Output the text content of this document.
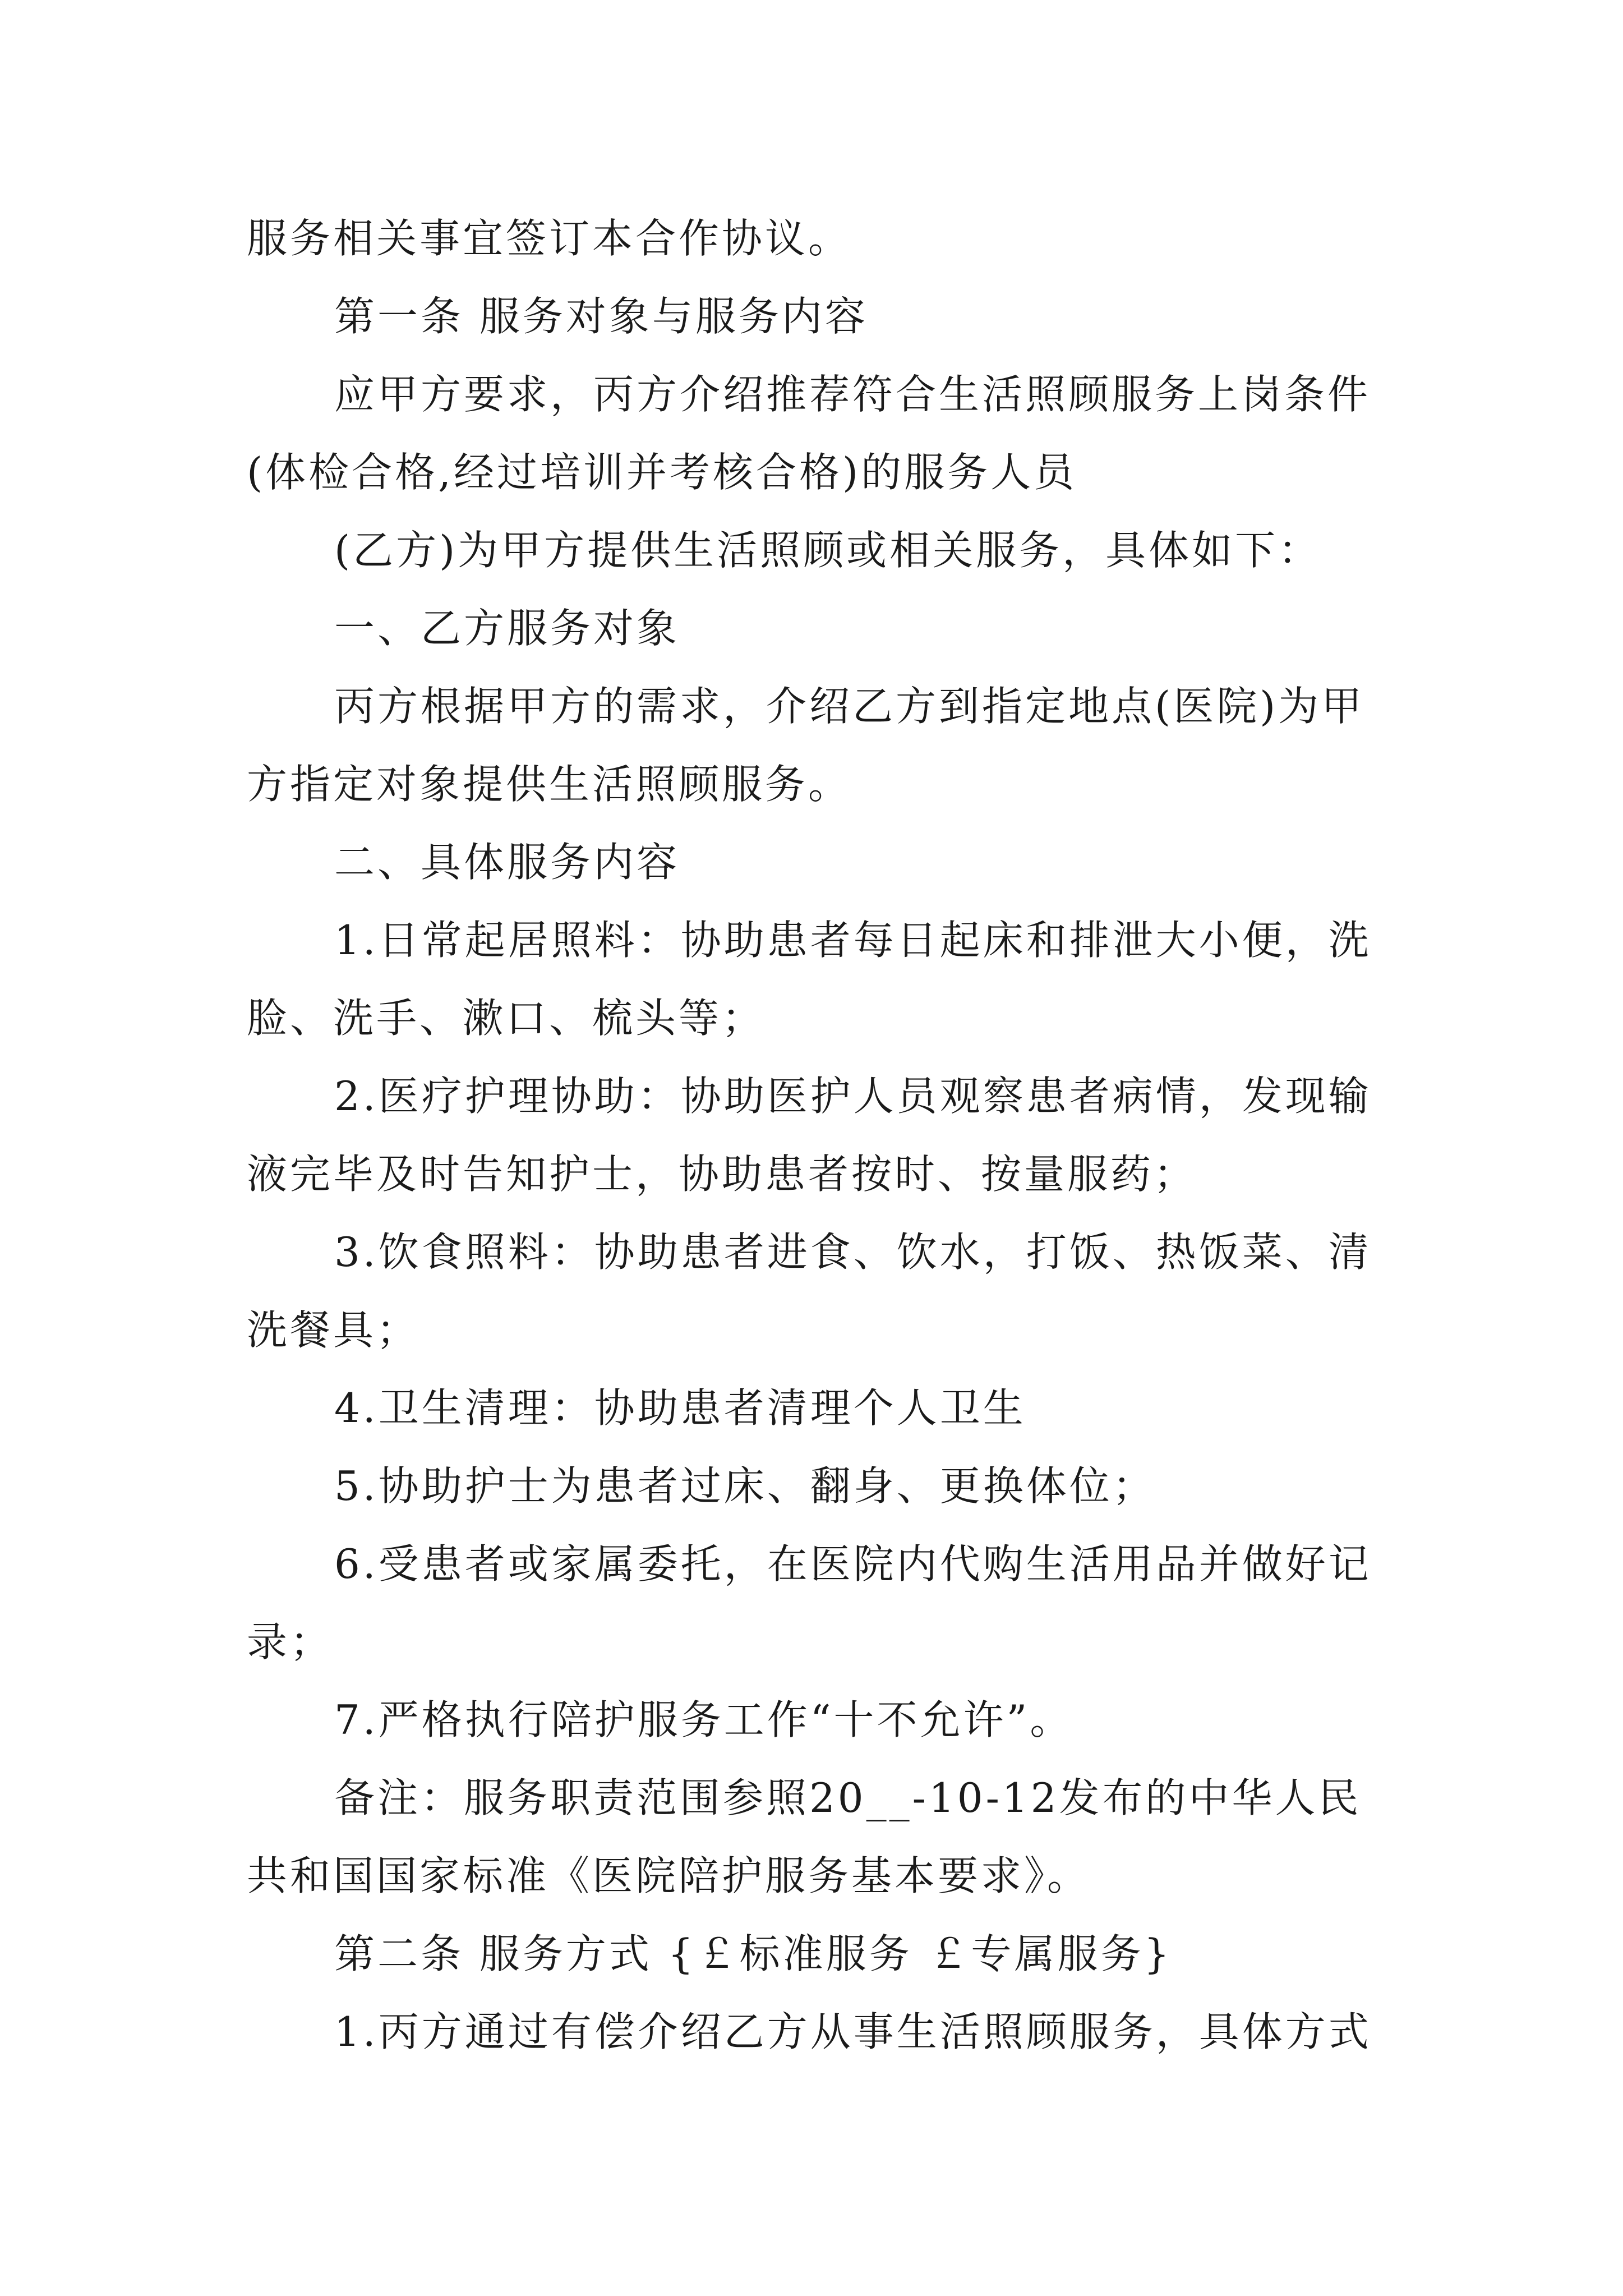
服务相关事宜签订本合作协议。

第一条 服务对象与服务内容

应甲方要求，丙方介绍推荐符合生活照顾服务上岗条件(体检合格,经过培训并考核合格)的服务人员

(乙方)为甲方提供生活照顾或相关服务，具体如下：

一、乙方服务对象

丙方根据甲方的需求，介绍乙方到指定地点(医院)为甲方指定对象提供生活照顾服务。

二、具体服务内容

1.日常起居照料：协助患者每日起床和排泄大小便，洗脸、洗手、漱口、梳头等；

2.医疗护理协助：协助医护人员观察患者病情，发现输液完毕及时告知护士，协助患者按时、按量服药；

3.饮食照料：协助患者进食、饮水，打饭、热饭菜、清洗餐具；

4.卫生清理：协助患者清理个人卫生

5.协助护士为患者过床、翻身、更换体位；

6.受患者或家属委托，在医院内代购生活用品并做好记录；

7.严格执行陪护服务工作“十不允许”。

备注：服务职责范围参照20__-10-12发布的中华人民共和国国家标准《医院陪护服务基本要求》。

第二条 服务方式 {￡标准服务 ￡专属服务}

1.丙方通过有偿介绍乙方从事生活照顾服务，具体方式
